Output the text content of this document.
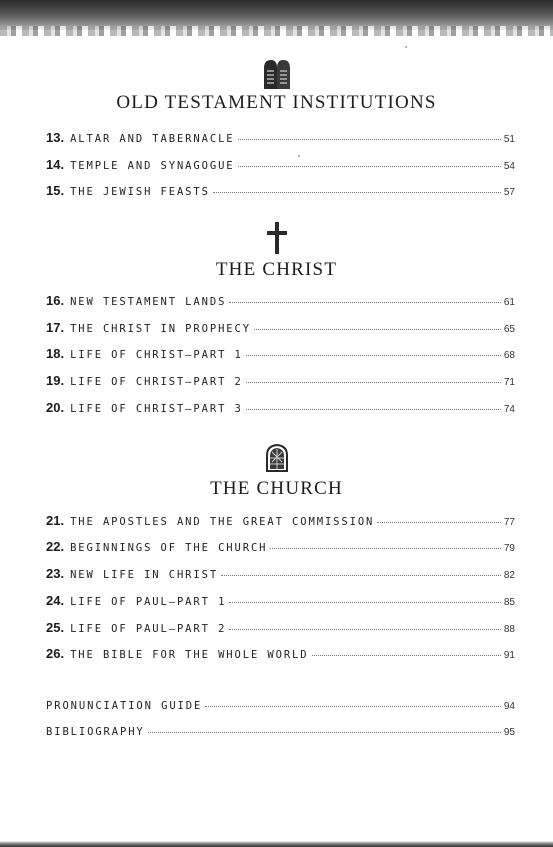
OLD TESTAMENT INSTITUTIONS
13. ALTAR AND TABERNACLE	51
14. TEMPLE AND SYNAGOGUE	54
15. THE JEWISH FEASTS	57
THE CHRIST
16. NEW TESTAMENT LANDS	61
17. THE CHRIST IN PROPHECY	65
18. LIFE OF CHRIST—PART 1	68
19. LIFE OF CHRIST—PART 2	71
20. LIFE OF CHRIST—PART 3	74
THE CHURCH
21. THE APOSTLES AND THE GREAT COMMISSION	77
22. BEGINNINGS OF THE CHURCH	79
23. NEW LIFE IN CHRIST	82
24. LIFE OF PAUL—PART 1	85
25. LIFE OF PAUL—PART 2	88
26. THE BIBLE FOR THE WHOLE WORLD	91
PRONUNCIATION GUIDE	94
BIBLIOGRAPHY	95
